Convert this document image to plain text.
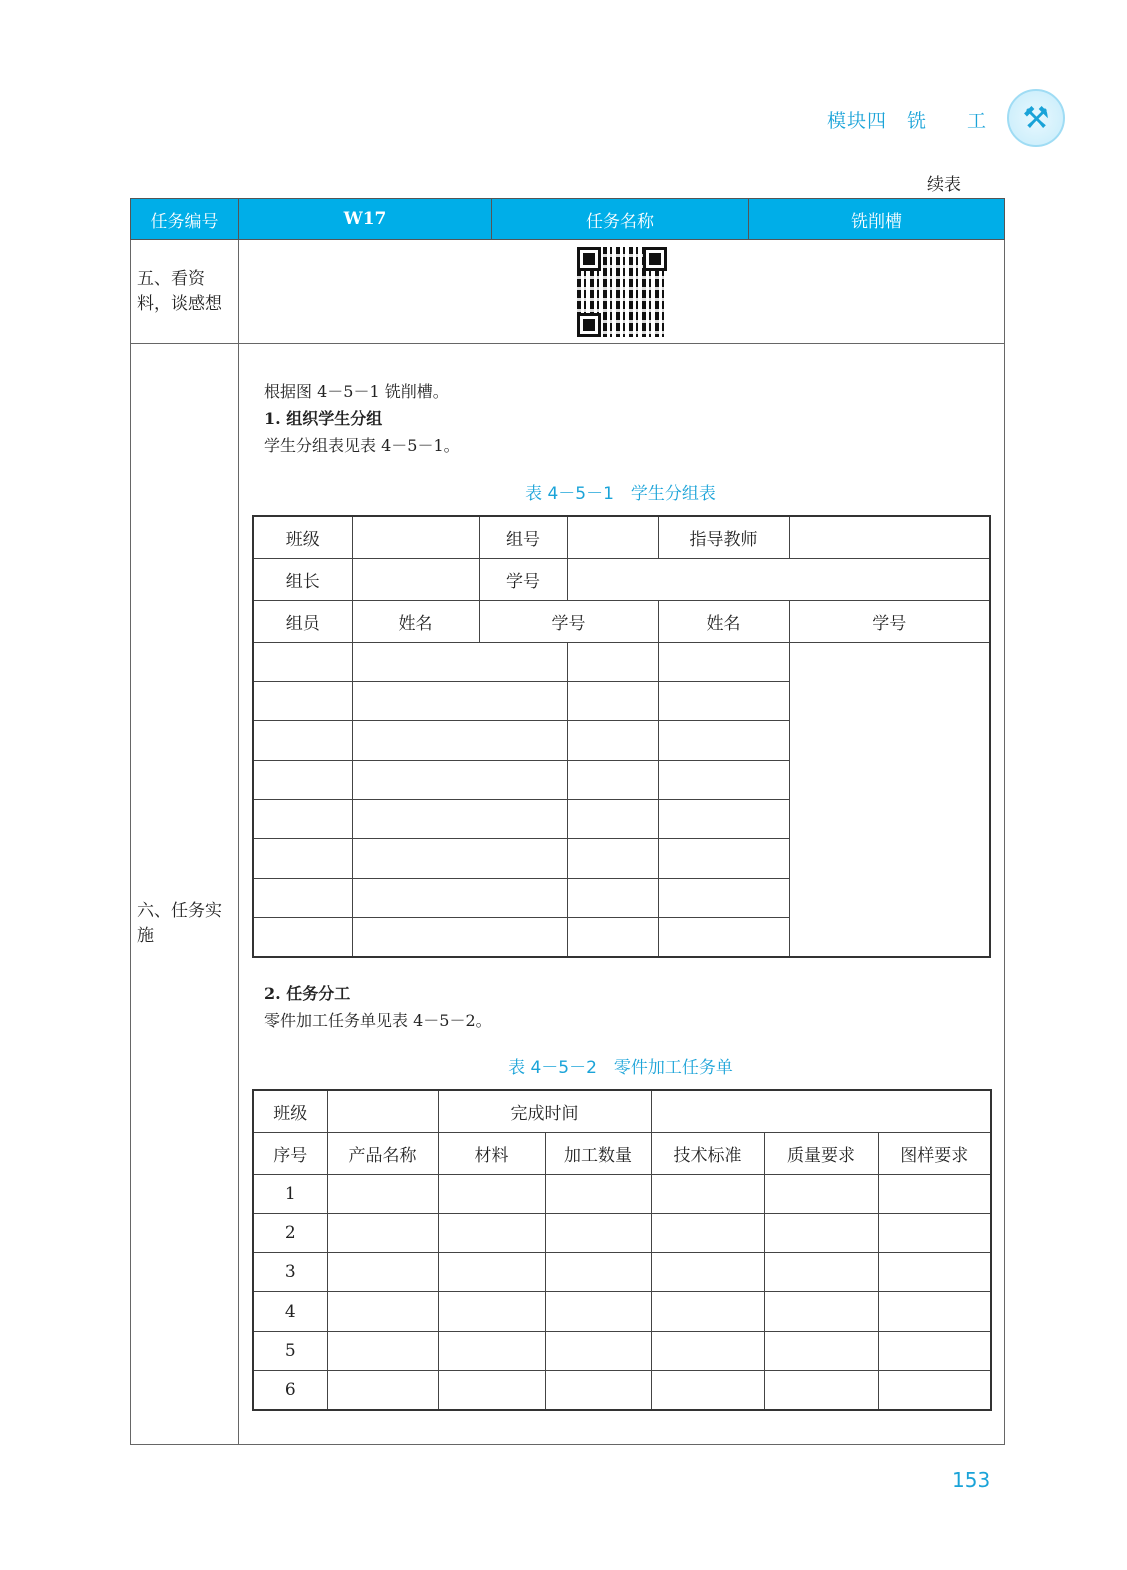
模块四 铣 工	⚒
续表
任务编号	W17	任务名称	铣削槽
五、看资料，谈感想	

六、任务实施	
根据图 4－5－1 铣削槽。
1. 组织学生分组
学生分组表见表 4－5－1。
表 4－5－1　学生分组表
班级		组号		指导教师	
组长		学号	
组员	姓名	学号	姓名	学号

2. 任务分工
零件加工任务单见表 4－5－2。
表 4－5－2　零件加工任务单
班级		完成时间	
序号	产品名称	材料	加工数量	技术标准	质量要求	图样要求
1						
2						
3						
4						
5						
6						
153
